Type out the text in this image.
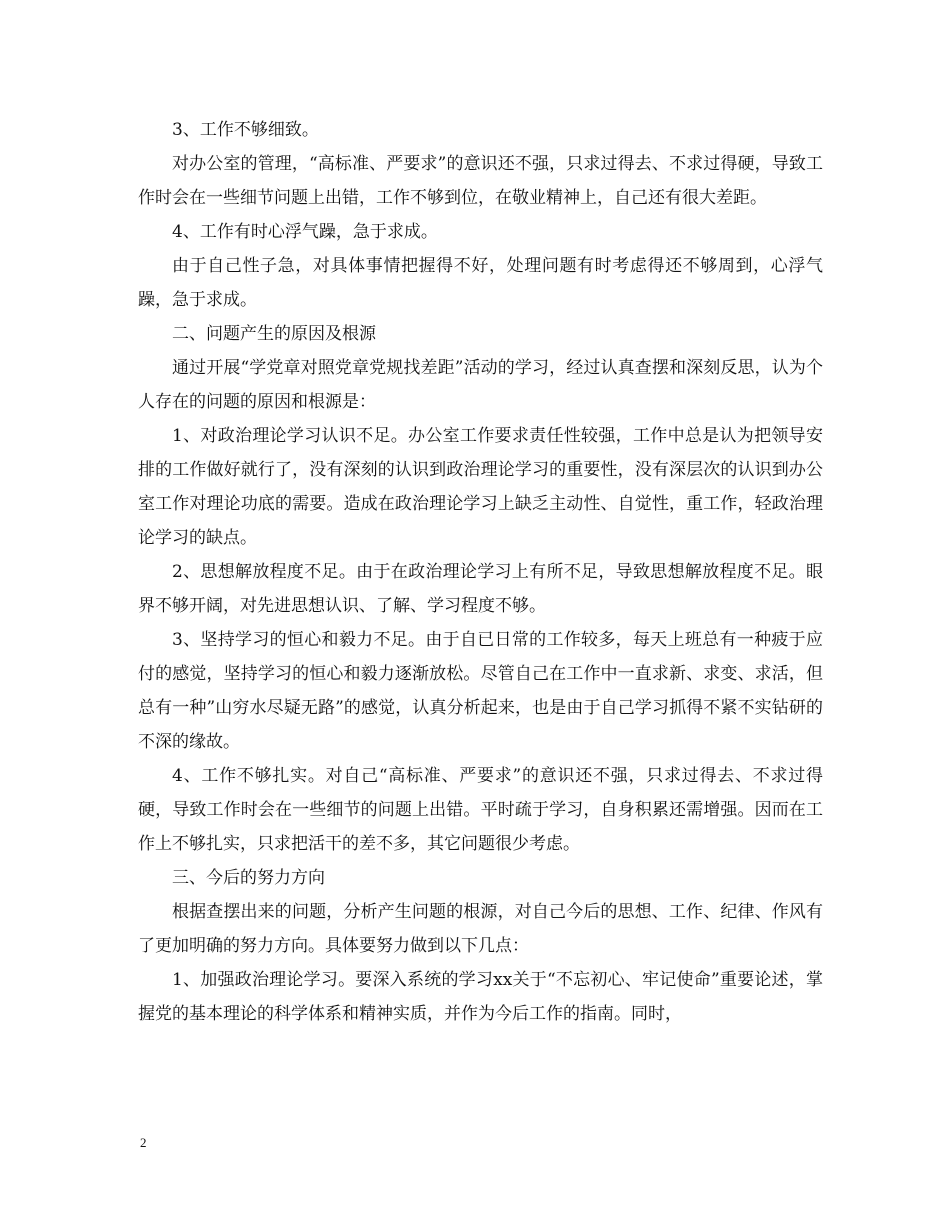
3、工作不够细致。

对办公室的管理，“高标准、严要求”的意识还不强，只求过得去、不求过得硬，导致工作时会在一些细节问题上出错，工作不够到位，在敬业精神上，自己还有很大差距。

4、工作有时心浮气躁，急于求成。

由于自己性子急，对具体事情把握得不好，处理问题有时考虑得还不够周到，心浮气躁，急于求成。

二、问题产生的原因及根源

通过开展“学党章对照党章党规找差距”活动的学习，经过认真查摆和深刻反思，认为个人存在的问题的原因和根源是：

1、对政治理论学习认识不足。办公室工作要求责任性较强，工作中总是认为把领导安排的工作做好就行了，没有深刻的认识到政治理论学习的重要性，没有深层次的认识到办公室工作对理论功底的需要。造成在政治理论学习上缺乏主动性、自觉性，重工作，轻政治理论学习的缺点。

2、思想解放程度不足。由于在政治理论学习上有所不足，导致思想解放程度不足。眼界不够开阔，对先进思想认识、了解、学习程度不够。

3、坚持学习的恒心和毅力不足。由于自已日常的工作较多，每天上班总有一种疲于应付的感觉，坚持学习的恒心和毅力逐渐放松。尽管自己在工作中一直求新、求变、求活，但总有一种”山穷水尽疑无路”的感觉，认真分析起来，也是由于自己学习抓得不紧不实钻研的不深的缘故。

4、工作不够扎实。对自己“高标准、严要求”的意识还不强，只求过得去、不求过得硬，导致工作时会在一些细节的问题上出错。平时疏于学习，自身积累还需增强。因而在工作上不够扎实，只求把活干的差不多，其它问题很少考虑。

三、今后的努力方向

根据查摆出来的问题，分析产生问题的根源，对自己今后的思想、工作、纪律、作风有了更加明确的努力方向。具体要努力做到以下几点：

1、加强政治理论学习。要深入系统的学习xx关于“不忘初心、牢记使命”重要论述，掌握党的基本理论的科学体系和精神实质，并作为今后工作的指南。同时，

2
